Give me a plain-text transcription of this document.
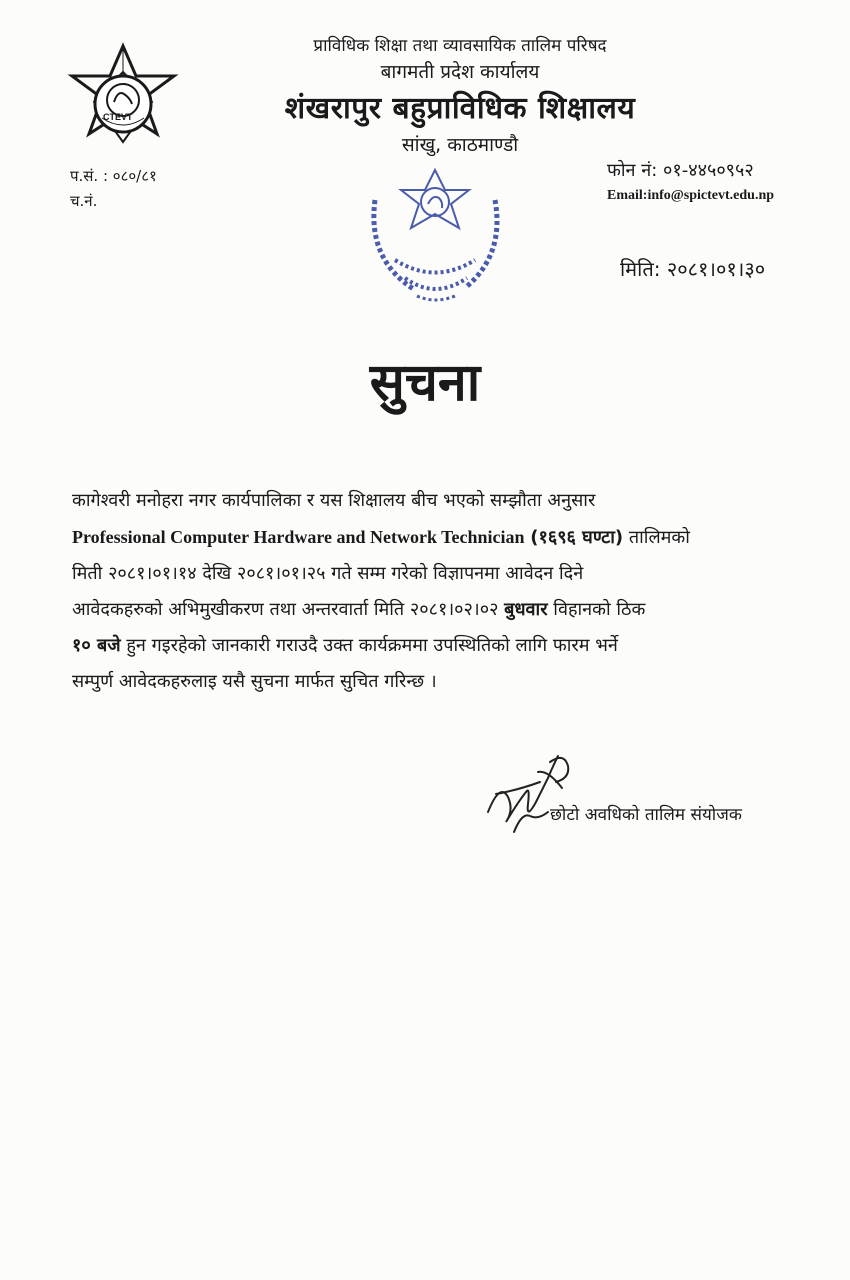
CTEVT
प्राविधिक शिक्षा तथा व्यावसायिक तालिम परिषद
बागमती प्रदेश कार्यालय
शंखरापुर बहुप्राविधिक शिक्षालय
सांखु, काठमाण्डौ
प.सं. : ०८०/८१
च.नं.
फोन नं: ०१-४४५०९५२
Email:info@spictevt.edu.np
मिति: २०८१।०१।३०
सुचना
कागेश्वरी मनोहरा नगर कार्यपालिका र यस शिक्षालय बीच भएको सम्झौता अनुसार
Professional Computer Hardware and Network Technician (१६९६ घण्टा) तालिमको
मिती २०८१।०१।१४ देखि २०८१।०१।२५ गते सम्म गरेको विज्ञापनमा आवेदन दिने
आवेदकहरुको अभिमुखीकरण तथा अन्तरवार्ता मिति २०८१।०२।०२ बुधवार विहानको ठिक
१० बजे हुन गइरहेको जानकारी गराउदै उक्त कार्यक्रममा उपस्थितिको लागि फारम भर्ने
सम्पुर्ण आवेदकहरुलाइ यसै सुचना मार्फत सुचित गरिन्छ ।
छोटो अवधिको तालिम संयोजक
